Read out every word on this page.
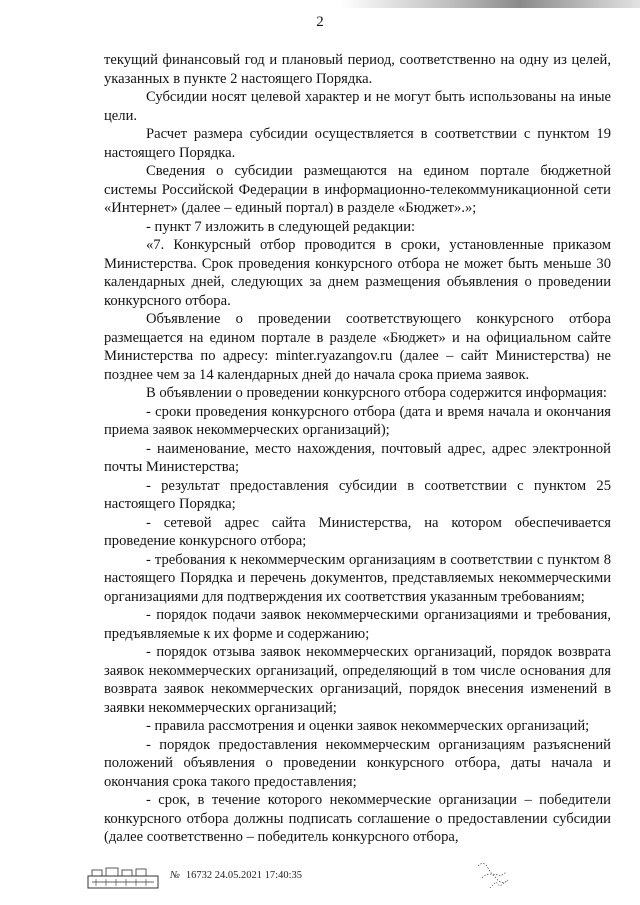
2

текущий финансовый год и плановый период, соответственно на одну из целей, указанных в пункте 2 настоящего Порядка.

Субсидии носят целевой характер и не могут быть использованы на иные цели.

Расчет размера субсидии осуществляется в соответствии с пунктом 19 настоящего Порядка.

Сведения о субсидии размещаются на едином портале бюджетной системы Российской Федерации в информационно-телекоммуникационной сети «Интернет» (далее – единый портал) в разделе «Бюджет».»;

- пункт 7 изложить в следующей редакции:

«7. Конкурсный отбор проводится в сроки, установленные приказом Министерства. Срок проведения конкурсного отбора не может быть меньше 30 календарных дней, следующих за днем размещения объявления о проведении конкурсного отбора.

Объявление о проведении соответствующего конкурсного отбора размещается на едином портале в разделе «Бюджет» и на официальном сайте Министерства по адресу: minter.ryazangov.ru (далее – сайт Министерства) не позднее чем за 14 календарных дней до начала срока приема заявок.

В объявлении о проведении конкурсного отбора содержится информация:

- сроки проведения конкурсного отбора (дата и время начала и окончания приема заявок некоммерческих организаций);

- наименование, место нахождения, почтовый адрес, адрес электронной почты Министерства;

- результат предоставления субсидии в соответствии с пунктом 25 настоящего Порядка;

- сетевой адрес сайта Министерства, на котором обеспечивается проведение конкурсного отбора;

- требования к некоммерческим организациям в соответствии с пунктом 8 настоящего Порядка и перечень документов, представляемых некоммерческими организациями для подтверждения их соответствия указанным требованиям;

- порядок подачи заявок некоммерческими организациями и требования, предъявляемые к их форме и содержанию;

- порядок отзыва заявок некоммерческих организаций, порядок возврата заявок некоммерческих организаций, определяющий в том числе основания для возврата заявок некоммерческих организаций, порядок внесения изменений в заявки некоммерческих организаций;

- правила рассмотрения и оценки заявок некоммерческих организаций;

- порядок предоставления некоммерческим организациям разъяснений положений объявления о проведении конкурсного отбора, даты начала и окончания срока такого предоставления;

- срок, в течение которого некоммерческие организации – победители конкурсного отбора должны подписать соглашение о предоставлении субсидии (далее соответственно – победитель конкурсного отбора,

№ 16732 24.05.2021 17:40:35
